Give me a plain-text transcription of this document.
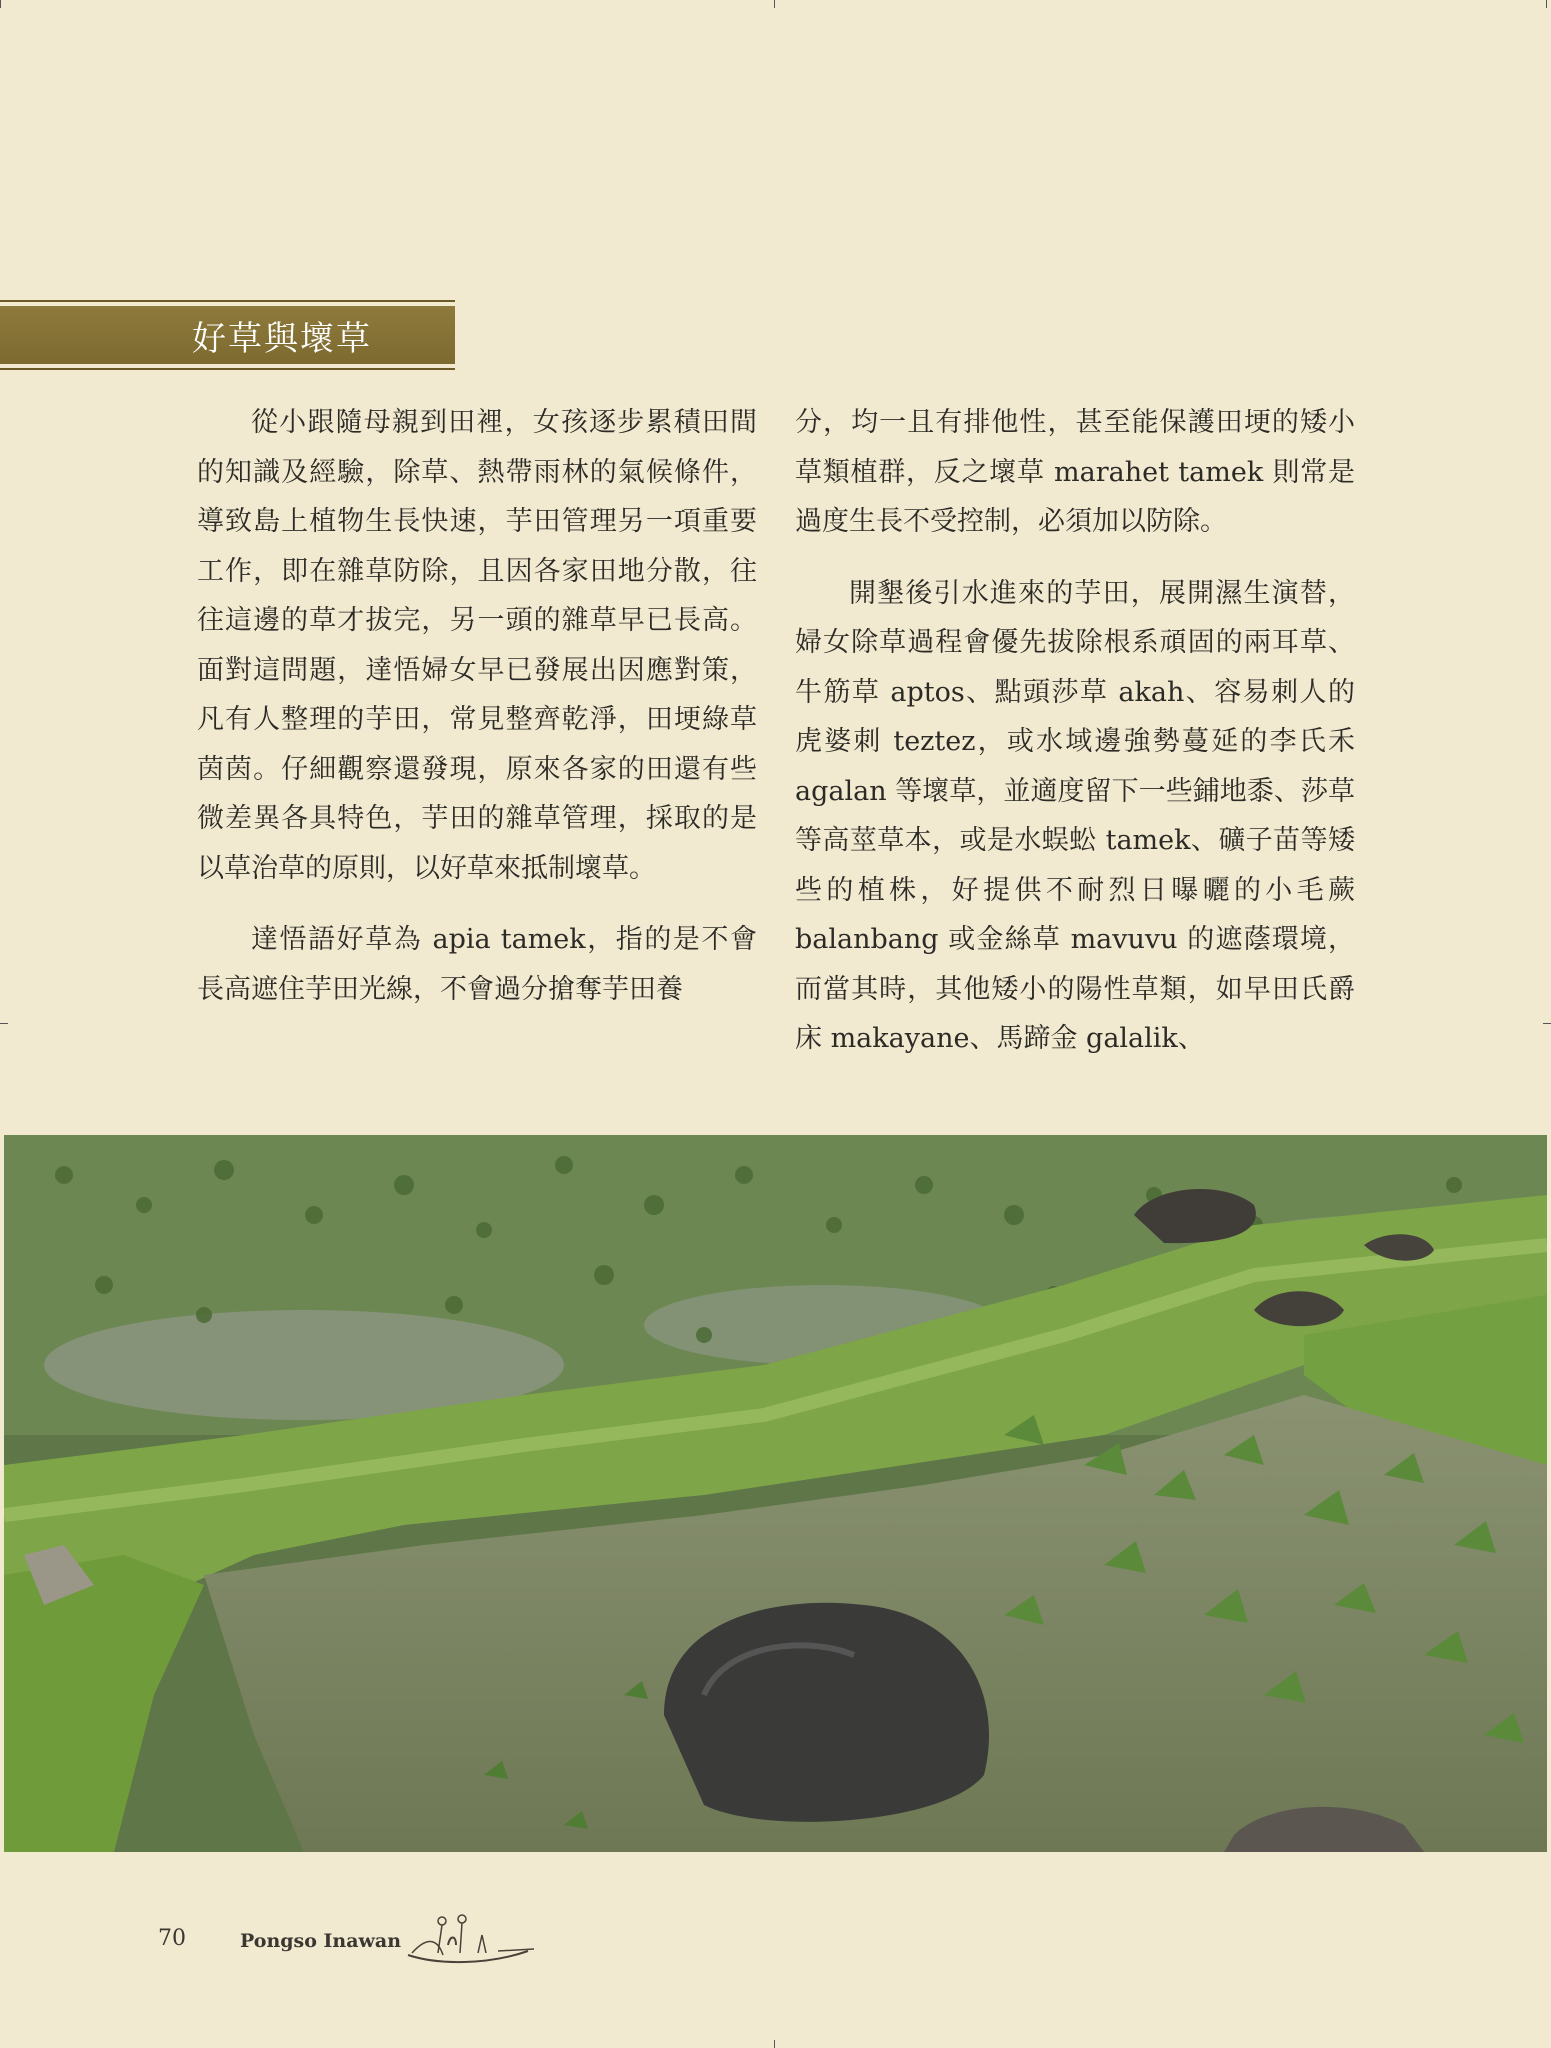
好草與壞草

從小跟隨母親到田裡，女孩逐步累積田間的知識及經驗，除草、熱帶雨林的氣候條件，導致島上植物生長快速，芋田管理另一項重要工作，即在雜草防除，且因各家田地分散，往往這邊的草才拔完，另一頭的雜草早已長高。面對這問題，達悟婦女早已發展出因應對策，凡有人整理的芋田，常見整齊乾淨，田埂綠草茵茵。仔細觀察還發現，原來各家的田還有些微差異各具特色，芋田的雜草管理，採取的是以草治草的原則，以好草來抵制壞草。

達悟語好草為 apia tamek，指的是不會長高遮住芋田光線，不會過分搶奪芋田養

分，均一且有排他性，甚至能保護田埂的矮小草類植群，反之壞草 marahet tamek 則常是過度生長不受控制，必須加以防除。

開墾後引水進來的芋田，展開濕生演替，婦女除草過程會優先拔除根系頑固的兩耳草、牛筋草 aptos、點頭莎草 akah、容易刺人的虎婆刺 teztez，或水域邊強勢蔓延的李氏禾 agalan 等壞草，並適度留下一些鋪地黍、莎草等高莖草本，或是水蜈蚣 tamek、礦子苗等矮些的植株，好提供不耐烈日曝曬的小毛蕨 balanbang 或金絲草 mavuvu 的遮蔭環境，而當其時，其他矮小的陽性草類，如早田氏爵床 makayane、馬蹄金 galalik、

70	Pongso Inawan
